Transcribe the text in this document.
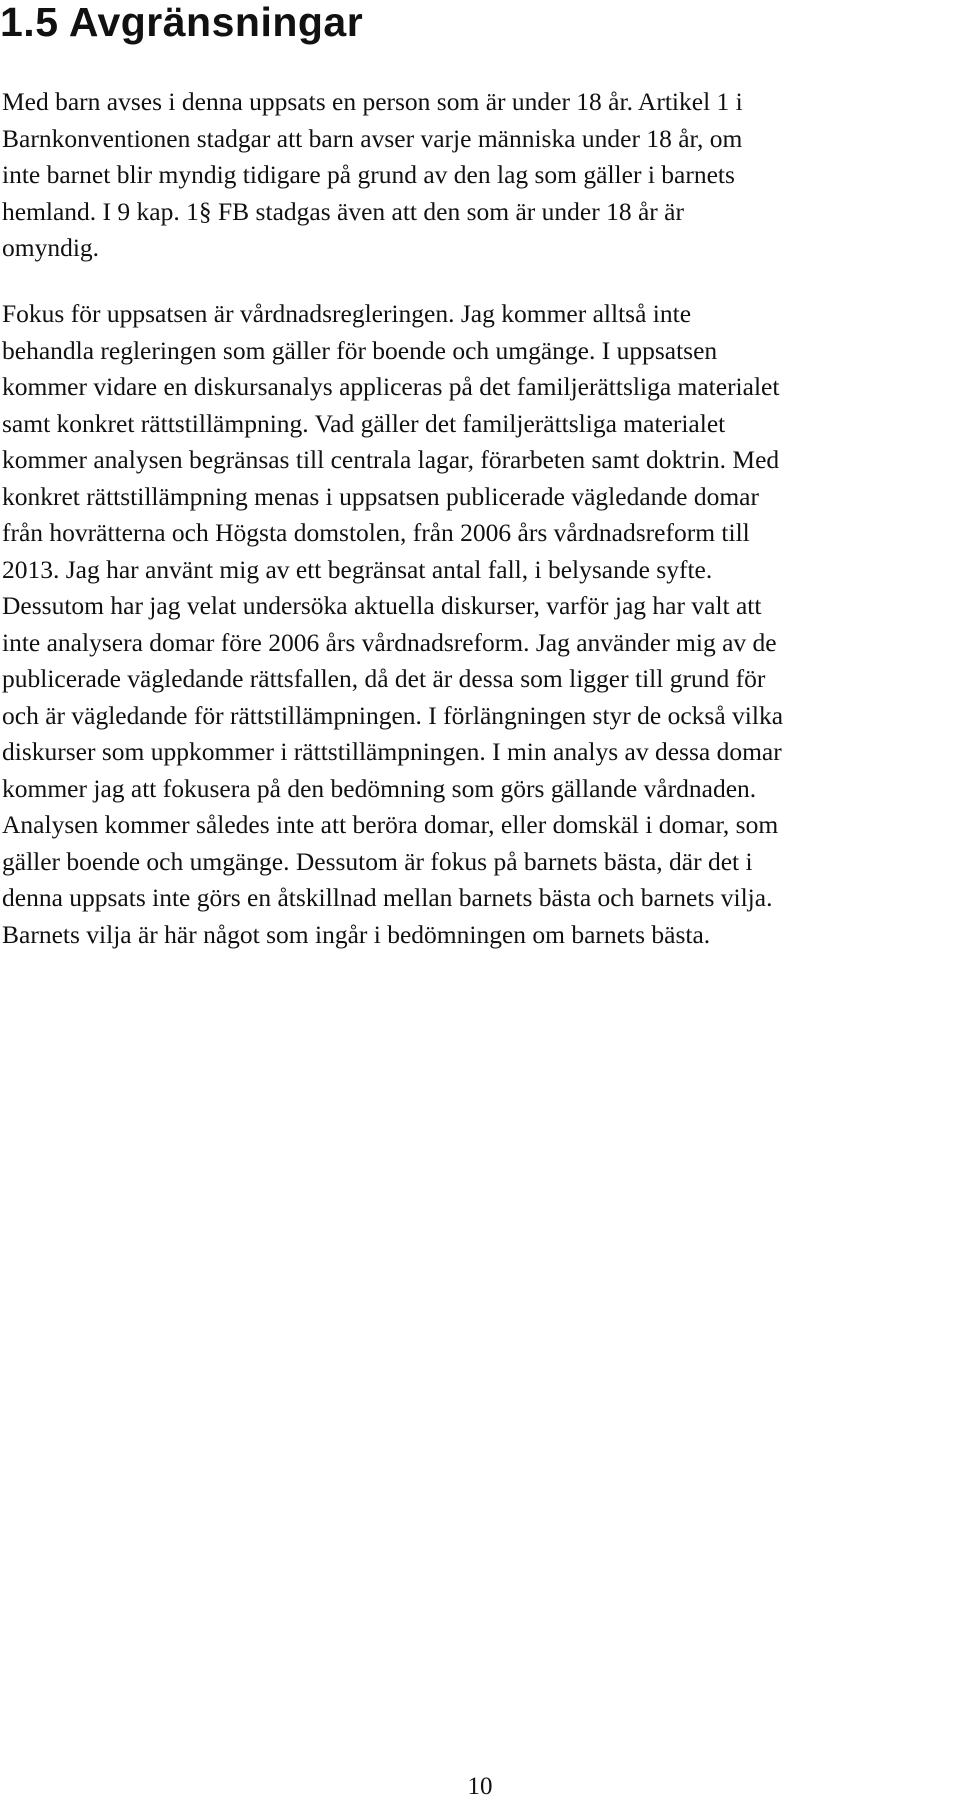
1.5 Avgränsningar
Med barn avses i denna uppsats en person som är under 18 år. Artikel 1 i
Barnkonventionen stadgar att barn avser varje människa under 18 år, om
inte barnet blir myndig tidigare på grund av den lag som gäller i barnets
hemland. I 9 kap. 1§ FB stadgas även att den som är under 18 år är
omyndig.
Fokus för uppsatsen är vårdnadsregleringen. Jag kommer alltså inte
behandla regleringen som gäller för boende och umgänge. I uppsatsen
kommer vidare en diskursanalys appliceras på det familjerättsliga materialet
samt konkret rättstillämpning. Vad gäller det familjerättsliga materialet
kommer analysen begränsas till centrala lagar, förarbeten samt doktrin. Med
konkret rättstillämpning menas i uppsatsen publicerade vägledande domar
från hovrätterna och Högsta domstolen, från 2006 års vårdnadsreform till
2013. Jag har använt mig av ett begränsat antal fall, i belysande syfte.
Dessutom har jag velat undersöka aktuella diskurser, varför jag har valt att
inte analysera domar före 2006 års vårdnadsreform. Jag använder mig av de
publicerade vägledande rättsfallen, då det är dessa som ligger till grund för
och är vägledande för rättstillämpningen. I förlängningen styr de också vilka
diskurser som uppkommer i rättstillämpningen. I min analys av dessa domar
kommer jag att fokusera på den bedömning som görs gällande vårdnaden.
Analysen kommer således inte att beröra domar, eller domskäl i domar, som
gäller boende och umgänge. Dessutom är fokus på barnets bästa, där det i
denna uppsats inte görs en åtskillnad mellan barnets bästa och barnets vilja.
Barnets vilja är här något som ingår i bedömningen om barnets bästa.
10
